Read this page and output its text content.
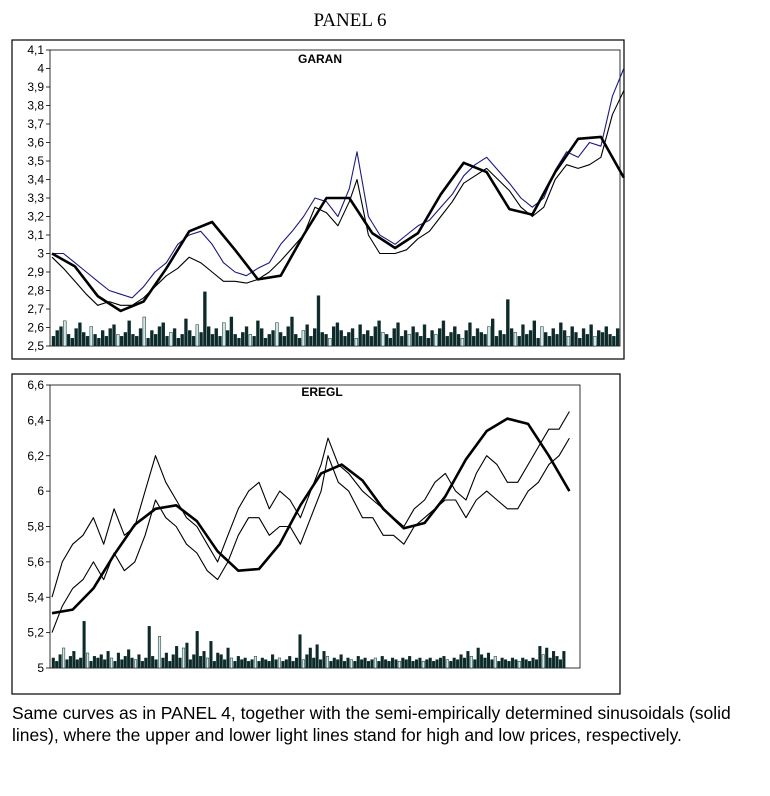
PANEL 6
GARAN
2,5
2,6
2,7
2,8
2,9
3
3,1
3,2
3,3
3,4
3,5
3,6
3,7
3,8
3,9
4
4,1
EREGL
5
5,2
5,4
5,6
5,8
6
6,2
6,4
6,6
Same curves as in PANEL 4, together with the semi-empirically determined sinusoidals (solid lines), where the upper and lower light lines stand for high and low prices, respectively.
